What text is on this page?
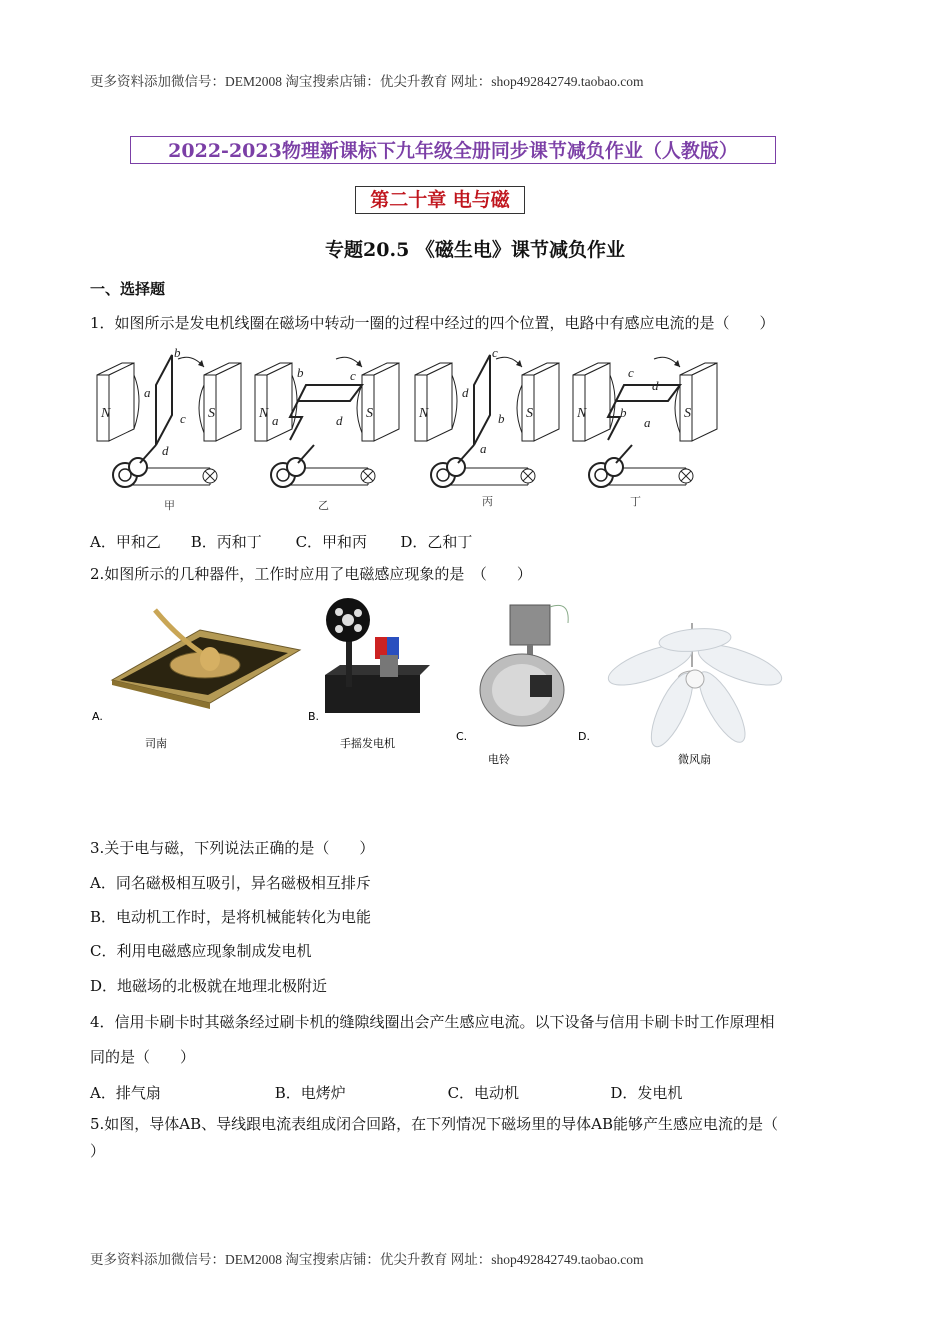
更多资料添加微信号：DEM2008 淘宝搜索店铺：优尖升教育 网址：shop492842749.taobao.com
2022-2023物理新课标下九年级全册同步课节减负作业（人教版）
第二十章 电与磁
专题20.5 《磁生电》课节减负作业
一、选择题
1．如图所示是发电机线圈在磁场中转动一圈的过程中经过的四个位置，电路中有感应电流的是（　　）
N	S	N	S	N	S	N	S
b
a
c
d
b
a	d
c
c
d
b
a
c
d
a
b
甲	乙	丙	丁
A．甲和乙 B．丙和丁 C．甲和丙 D．乙和丁
2.如图所示的几种器件，工作时应用了电磁感应现象的是　（　　）
A.
司南
B.
手摇发电机
C.
电铃
D.
微风扇
3.关于电与磁，下列说法正确的是（　　）
A．同名磁极相互吸引，异名磁极相互排斥
B．电动机工作时，是将机械能转化为电能
C．利用电磁感应现象制成发电机
D．地磁场的北极就在地理北极附近
4．信用卡刷卡时其磁条经过刷卡机的缝隙线圈出会产生感应电流。以下设备与信用卡刷卡时工作原理相
同的是（　　）
A．排气扇	B．电烤炉	C．电动机	D．发电机
5.如图，导体AB、导线跟电流表组成闭合回路，在下列情况下磁场里的导体AB能够产生感应电流的是（
）
更多资料添加微信号：DEM2008 淘宝搜索店铺：优尖升教育 网址：shop492842749.taobao.com
